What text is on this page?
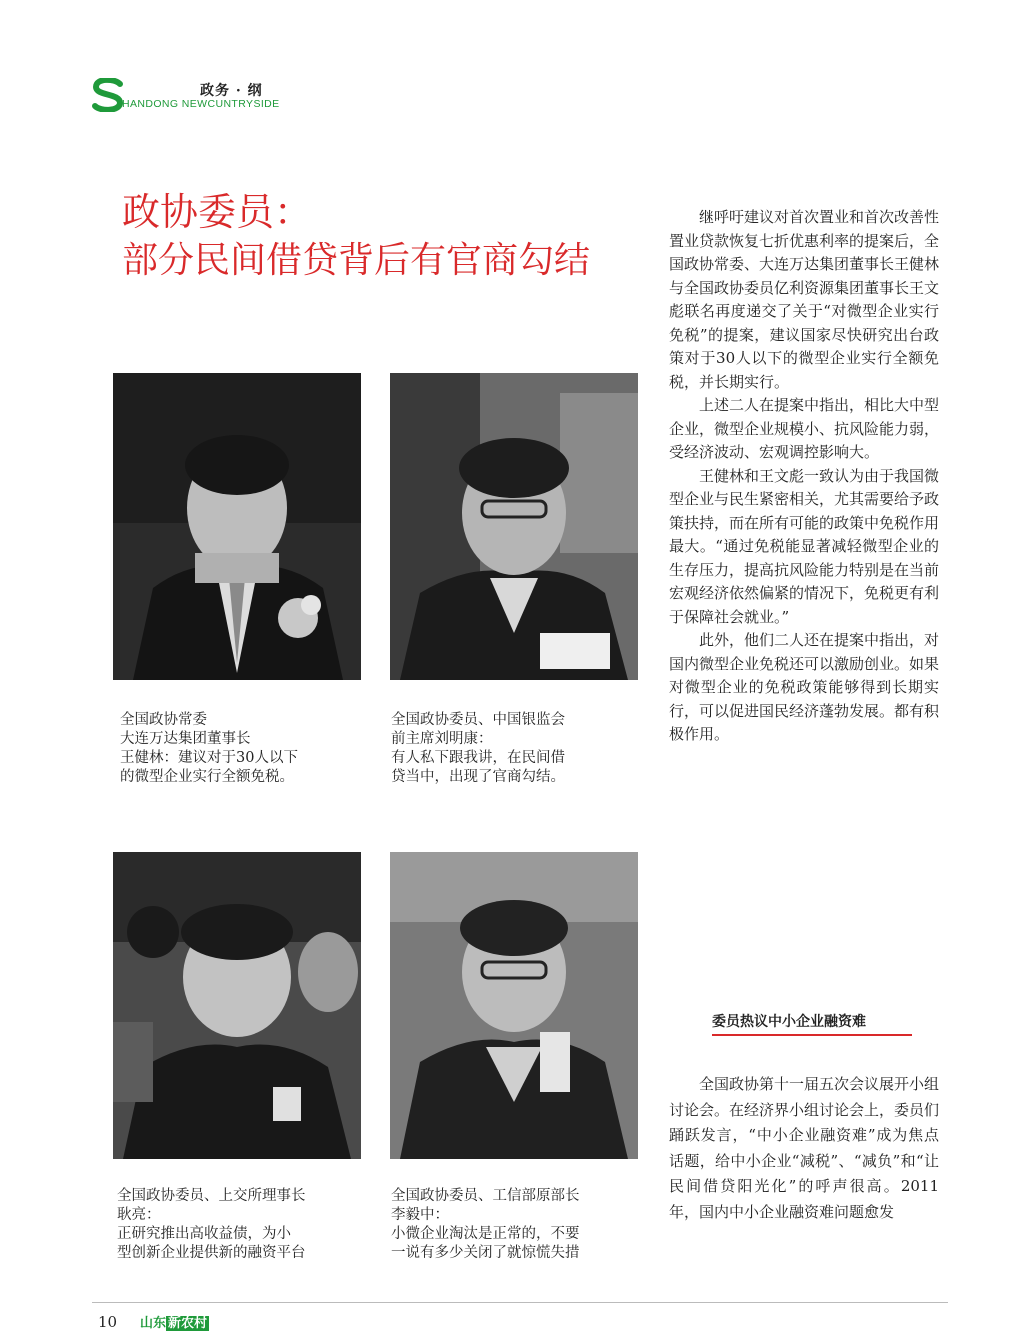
政务 · 纲
HANDONG NEWCUNTRYSIDE
政协委员：
部分民间借贷背后有官商勾结
全国政协常委
大连万达集团董事长
王健林：建议对于30人以下
的微型企业实行全额免税。
全国政协委员、中国银监会
前主席刘明康：
有人私下跟我讲，在民间借
贷当中，出现了官商勾结。
全国政协委员、上交所理事长
耿亮：
正研究推出高收益债，为小
型创新企业提供新的融资平台
全国政协委员、工信部原部长
李毅中：
小微企业淘汰是正常的，不要
一说有多少关闭了就惊慌失措

继呼吁建议对首次置业和首次改善性置业贷款恢复七折优惠利率的提案后，全国政协常委、大连万达集团董事长王健林与全国政协委员亿利资源集团董事长王文彪联名再度递交了关于“对微型企业实行免税”的提案，建议国家尽快研究出台政策对于30人以下的微型企业实行全额免税，并长期实行。

上述二人在提案中指出，相比大中型企业，微型企业规模小、抗风险能力弱，受经济波动、宏观调控影响大。

王健林和王文彪一致认为由于我国微型企业与民生紧密相关，尤其需要给予政策扶持，而在所有可能的政策中免税作用最大。“通过免税能显著减轻微型企业的生存压力，提高抗风险能力特别是在当前宏观经济依然偏紧的情况下，免税更有利于保障社会就业。”

此外，他们二人还在提案中指出，对国内微型企业免税还可以激励创业。如果对微型企业的免税政策能够得到长期实行，可以促进国民经济蓬勃发展。都有积极作用。

委员热议中小企业融资难

全国政协第十一届五次会议展开小组讨论会。在经济界小组讨论会上，委员们踊跃发言，“中小企业融资难”成为焦点话题，给中小企业“减税”、“减负”和“让民间借贷阳光化”的呼声很高。2011年，国内中小企业融资难问题愈发

10 山东 新农村
